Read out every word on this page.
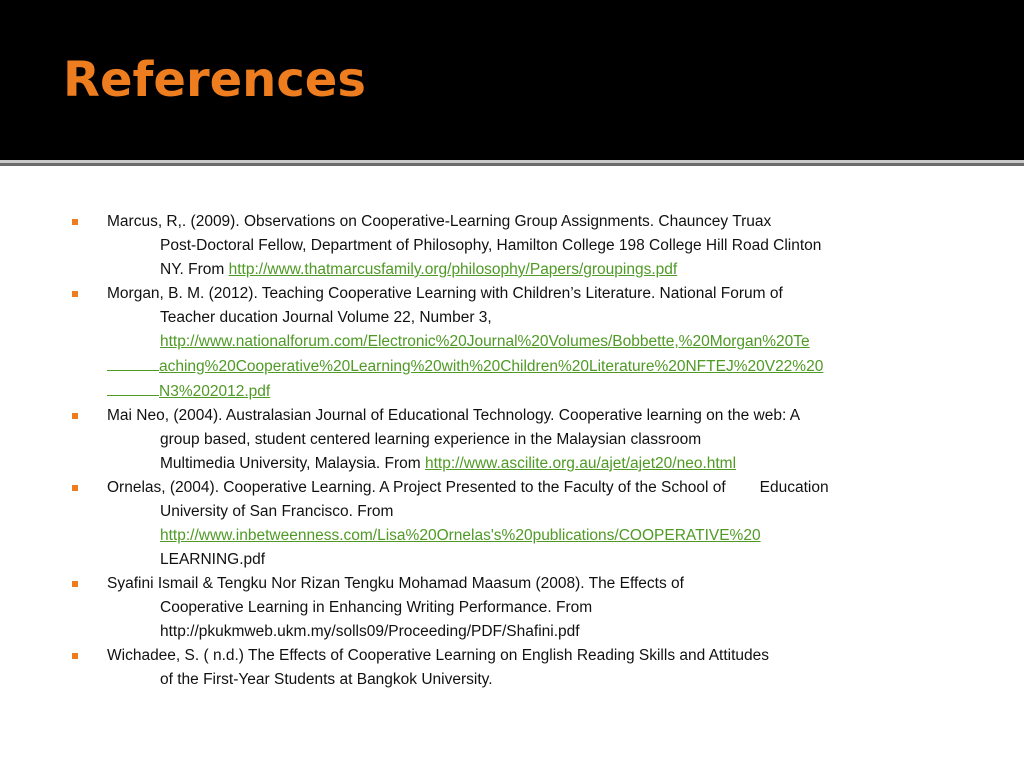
References
Marcus, R,. (2009). Observations on Cooperative-Learning Group Assignments. Chauncey Truax
Post-Doctoral Fellow, Department of Philosophy, Hamilton College 198 College Hill Road Clinton
NY. From http://www.thatmarcusfamily.org/philosophy/Papers/groupings.pdf
Morgan, B. M. (2012). Teaching Cooperative Learning with Children’s Literature. National Forum of
Teacher ducation Journal Volume 22, Number 3,
http://www.nationalforum.com/Electronic%20Journal%20Volumes/Bobbette,%20Morgan%20Te
aching%20Cooperative%20Learning%20with%20Children%20Literature%20NFTEJ%20V22%20
N3%202012.pdf
Mai Neo, (2004). Australasian Journal of Educational Technology. Cooperative learning on the web: A
group based, student centered learning experience in the Malaysian classroom
Multimedia University, Malaysia. From http://www.ascilite.org.au/ajet/ajet20/neo.html
Ornelas, (2004). Cooperative Learning. A Project Presented to the Faculty of the School of Education
University of San Francisco. From
http://www.inbetweenness.com/Lisa%20Ornelas's%20publications/COOPERATIVE%20
LEARNING.pdf
Syafini Ismail & Tengku Nor Rizan Tengku Mohamad Maasum (2008). The Effects of
Cooperative Learning in Enhancing Writing Performance. From
http://pkukmweb.ukm.my/solls09/Proceeding/PDF/Shafini.pdf
Wichadee, S. ( n.d.) The Effects of Cooperative Learning on English Reading Skills and Attitudes
of the First-Year Students at Bangkok University.
